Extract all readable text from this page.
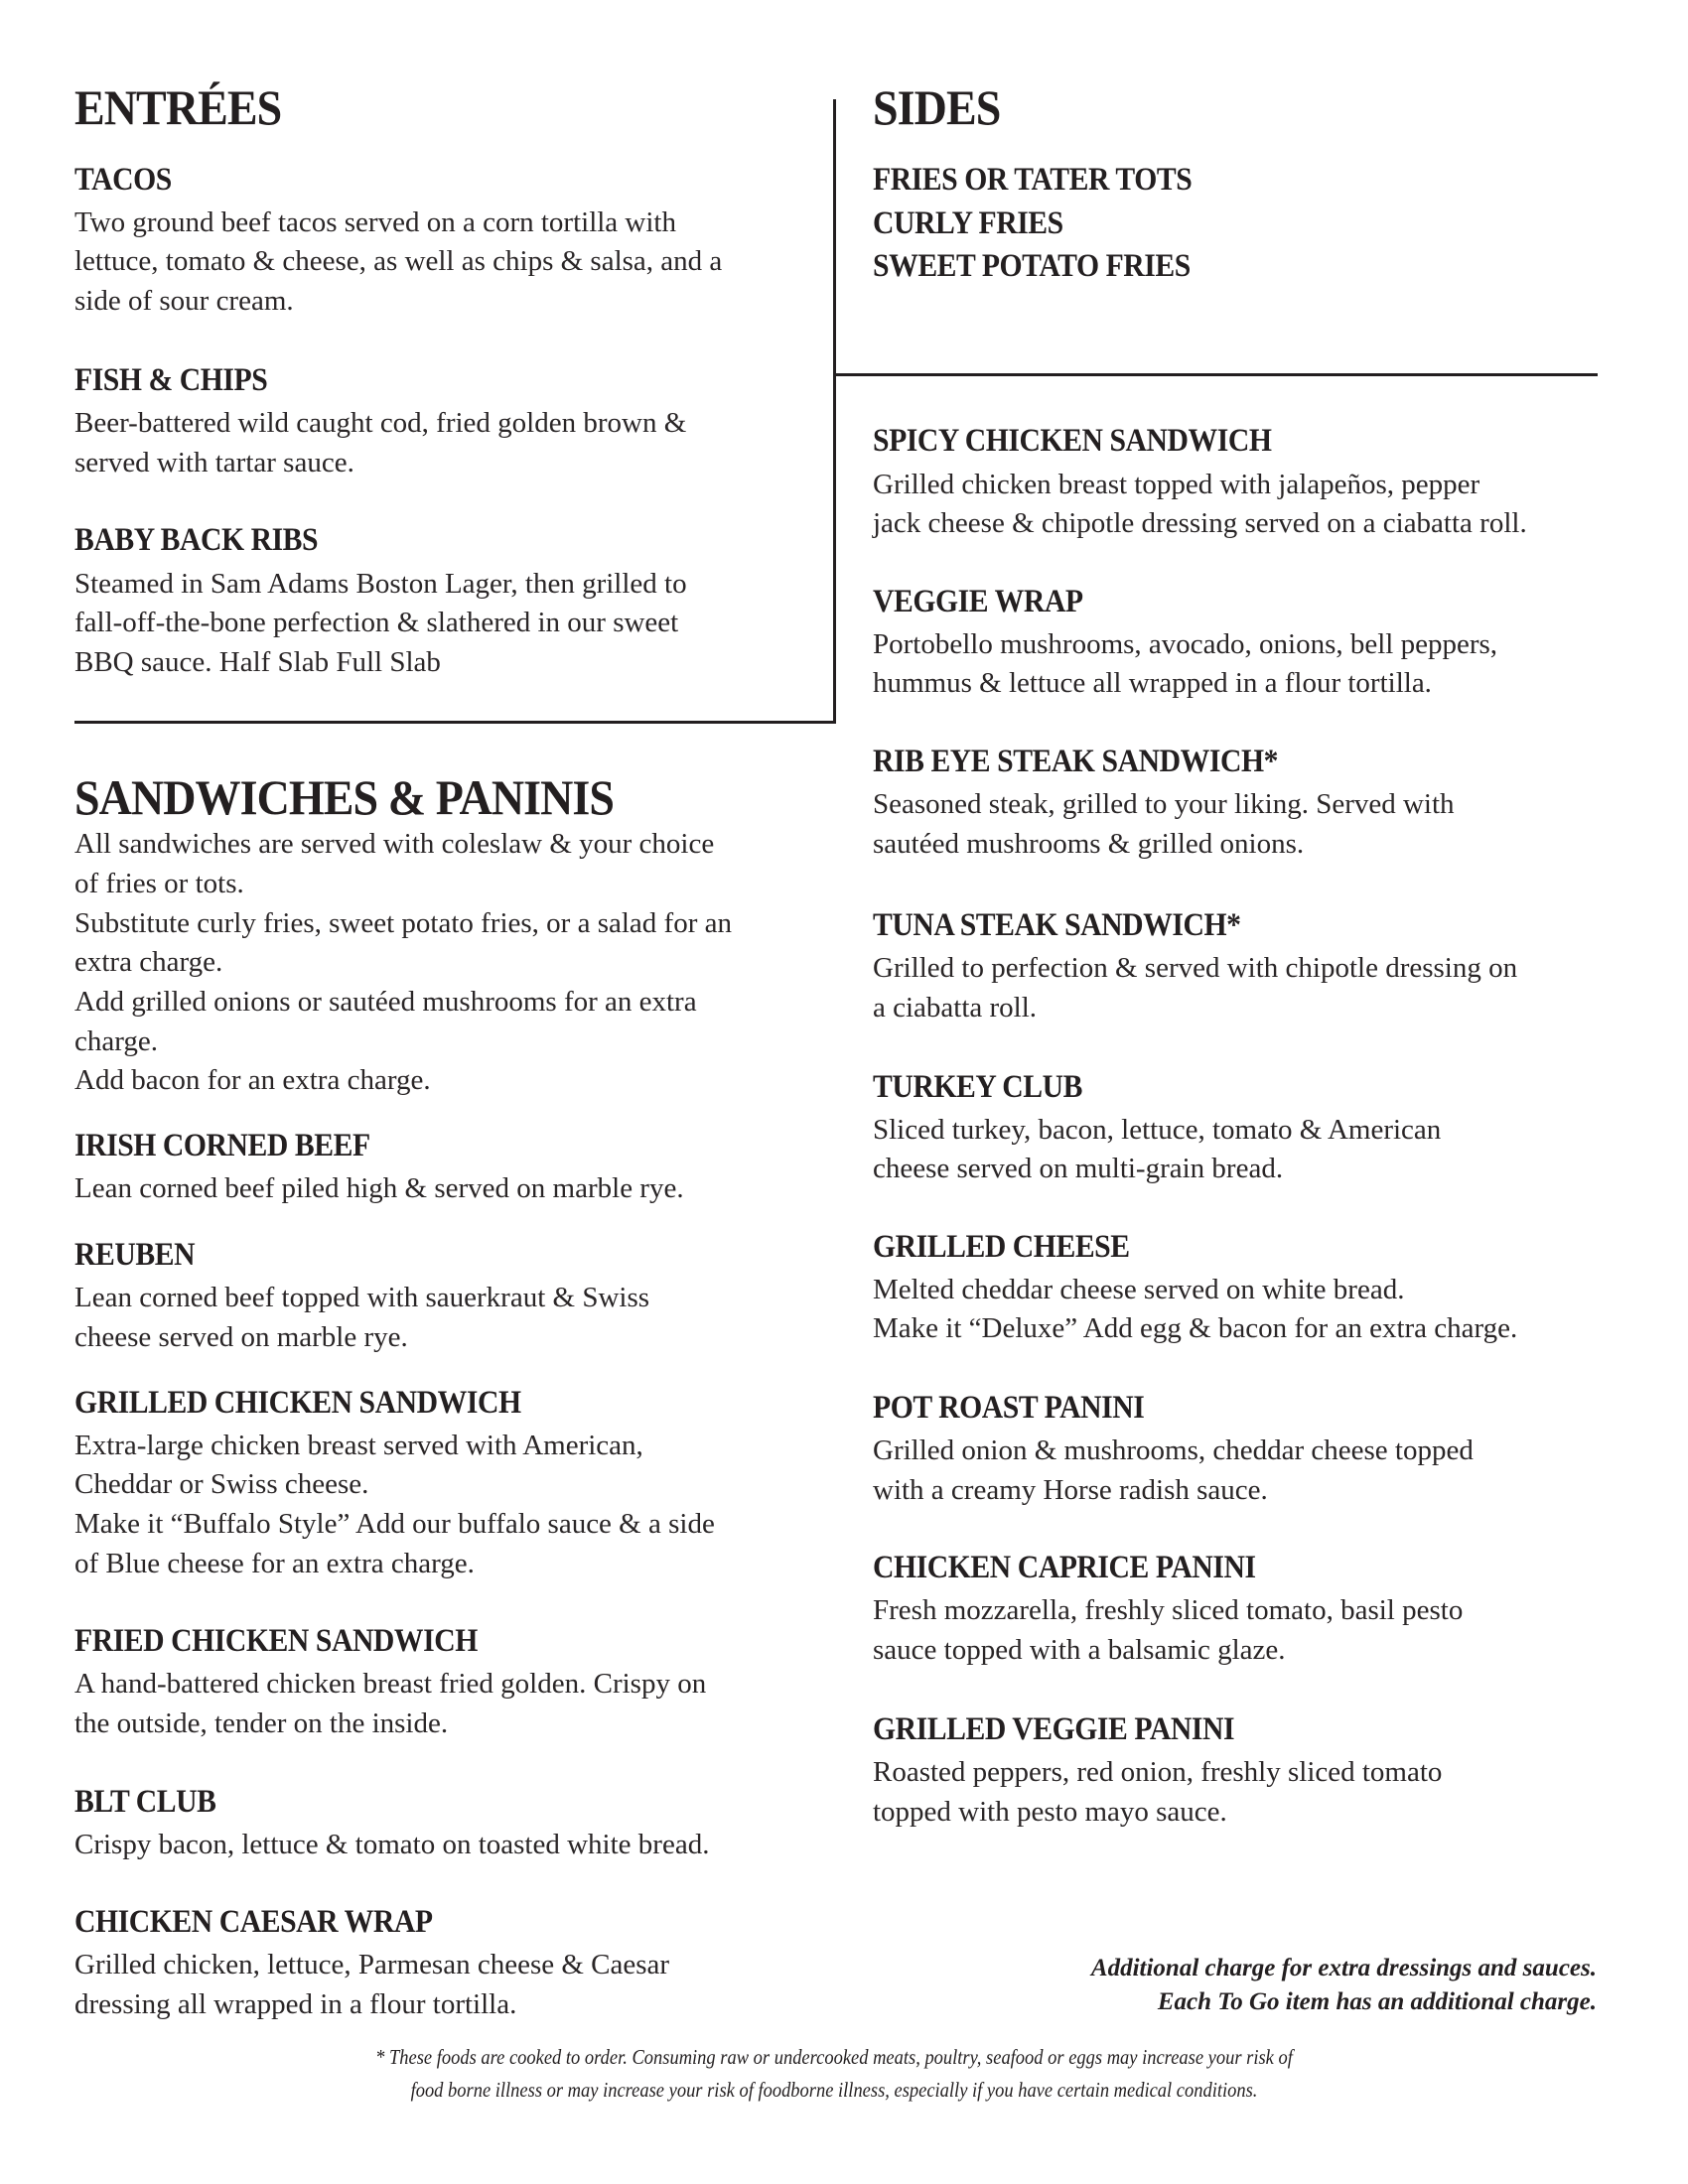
ENTRÉES
TACOS
Two ground beef tacos served on a corn tortilla with
lettuce, tomato & cheese, as well as chips & salsa, and a
side of sour cream.
FISH & CHIPS
Beer-battered wild caught cod, fried golden brown &
served with tartar sauce.
BABY BACK RIBS
Steamed in Sam Adams Boston Lager, then grilled to
fall-off-the-bone perfection & slathered in our sweet
BBQ sauce. Half Slab Full Slab
SANDWICHES & PANINIS
All sandwiches are served with coleslaw & your choice
of fries or tots.
Substitute curly fries, sweet potato fries, or a salad for an
extra charge.
Add grilled onions or sautéed mushrooms for an extra
charge.
Add bacon for an extra charge.
IRISH CORNED BEEF
Lean corned beef piled high & served on marble rye.
REUBEN
Lean corned beef topped with sauerkraut & Swiss
cheese served on marble rye.
GRILLED CHICKEN SANDWICH
Extra-large chicken breast served with American,
Cheddar or Swiss cheese.
Make it “Buffalo Style” Add our buffalo sauce & a side
of Blue cheese for an extra charge.
FRIED CHICKEN SANDWICH
A hand-battered chicken breast fried golden. Crispy on
the outside, tender on the inside.
BLT CLUB
Crispy bacon, lettuce & tomato on toasted white bread.
CHICKEN CAESAR WRAP
Grilled chicken, lettuce, Parmesan cheese & Caesar
dressing all wrapped in a flour tortilla.
SIDES
FRIES OR TATER TOTS
CURLY FRIES
SWEET POTATO FRIES
SPICY CHICKEN SANDWICH
Grilled chicken breast topped with jalapeños, pepper
jack cheese & chipotle dressing served on a ciabatta roll.
VEGGIE WRAP
Portobello mushrooms, avocado, onions, bell peppers,
hummus & lettuce all wrapped in a flour tortilla.
RIB EYE STEAK SANDWICH*
Seasoned steak, grilled to your liking. Served with
sautéed mushrooms & grilled onions.
TUNA STEAK SANDWICH*
Grilled to perfection & served with chipotle dressing on
a ciabatta roll.
TURKEY CLUB
Sliced turkey, bacon, lettuce, tomato & American
cheese served on multi-grain bread.
GRILLED CHEESE
Melted cheddar cheese served on white bread.
Make it “Deluxe” Add egg & bacon for an extra charge.
POT ROAST PANINI
Grilled onion & mushrooms, cheddar cheese topped
with a creamy Horse radish sauce.
CHICKEN CAPRICE PANINI
Fresh mozzarella, freshly sliced tomato, basil pesto
sauce topped with a balsamic glaze.
GRILLED VEGGIE PANINI
Roasted peppers, red onion, freshly sliced tomato
topped with pesto mayo sauce.
Additional charge for extra dressings and sauces.
Each To Go item has an additional charge.
* These foods are cooked to order. Consuming raw or undercooked meats, poultry, seafood or eggs may increase your risk of
food borne illness or may increase your risk of foodborne illness, especially if you have certain medical conditions.
